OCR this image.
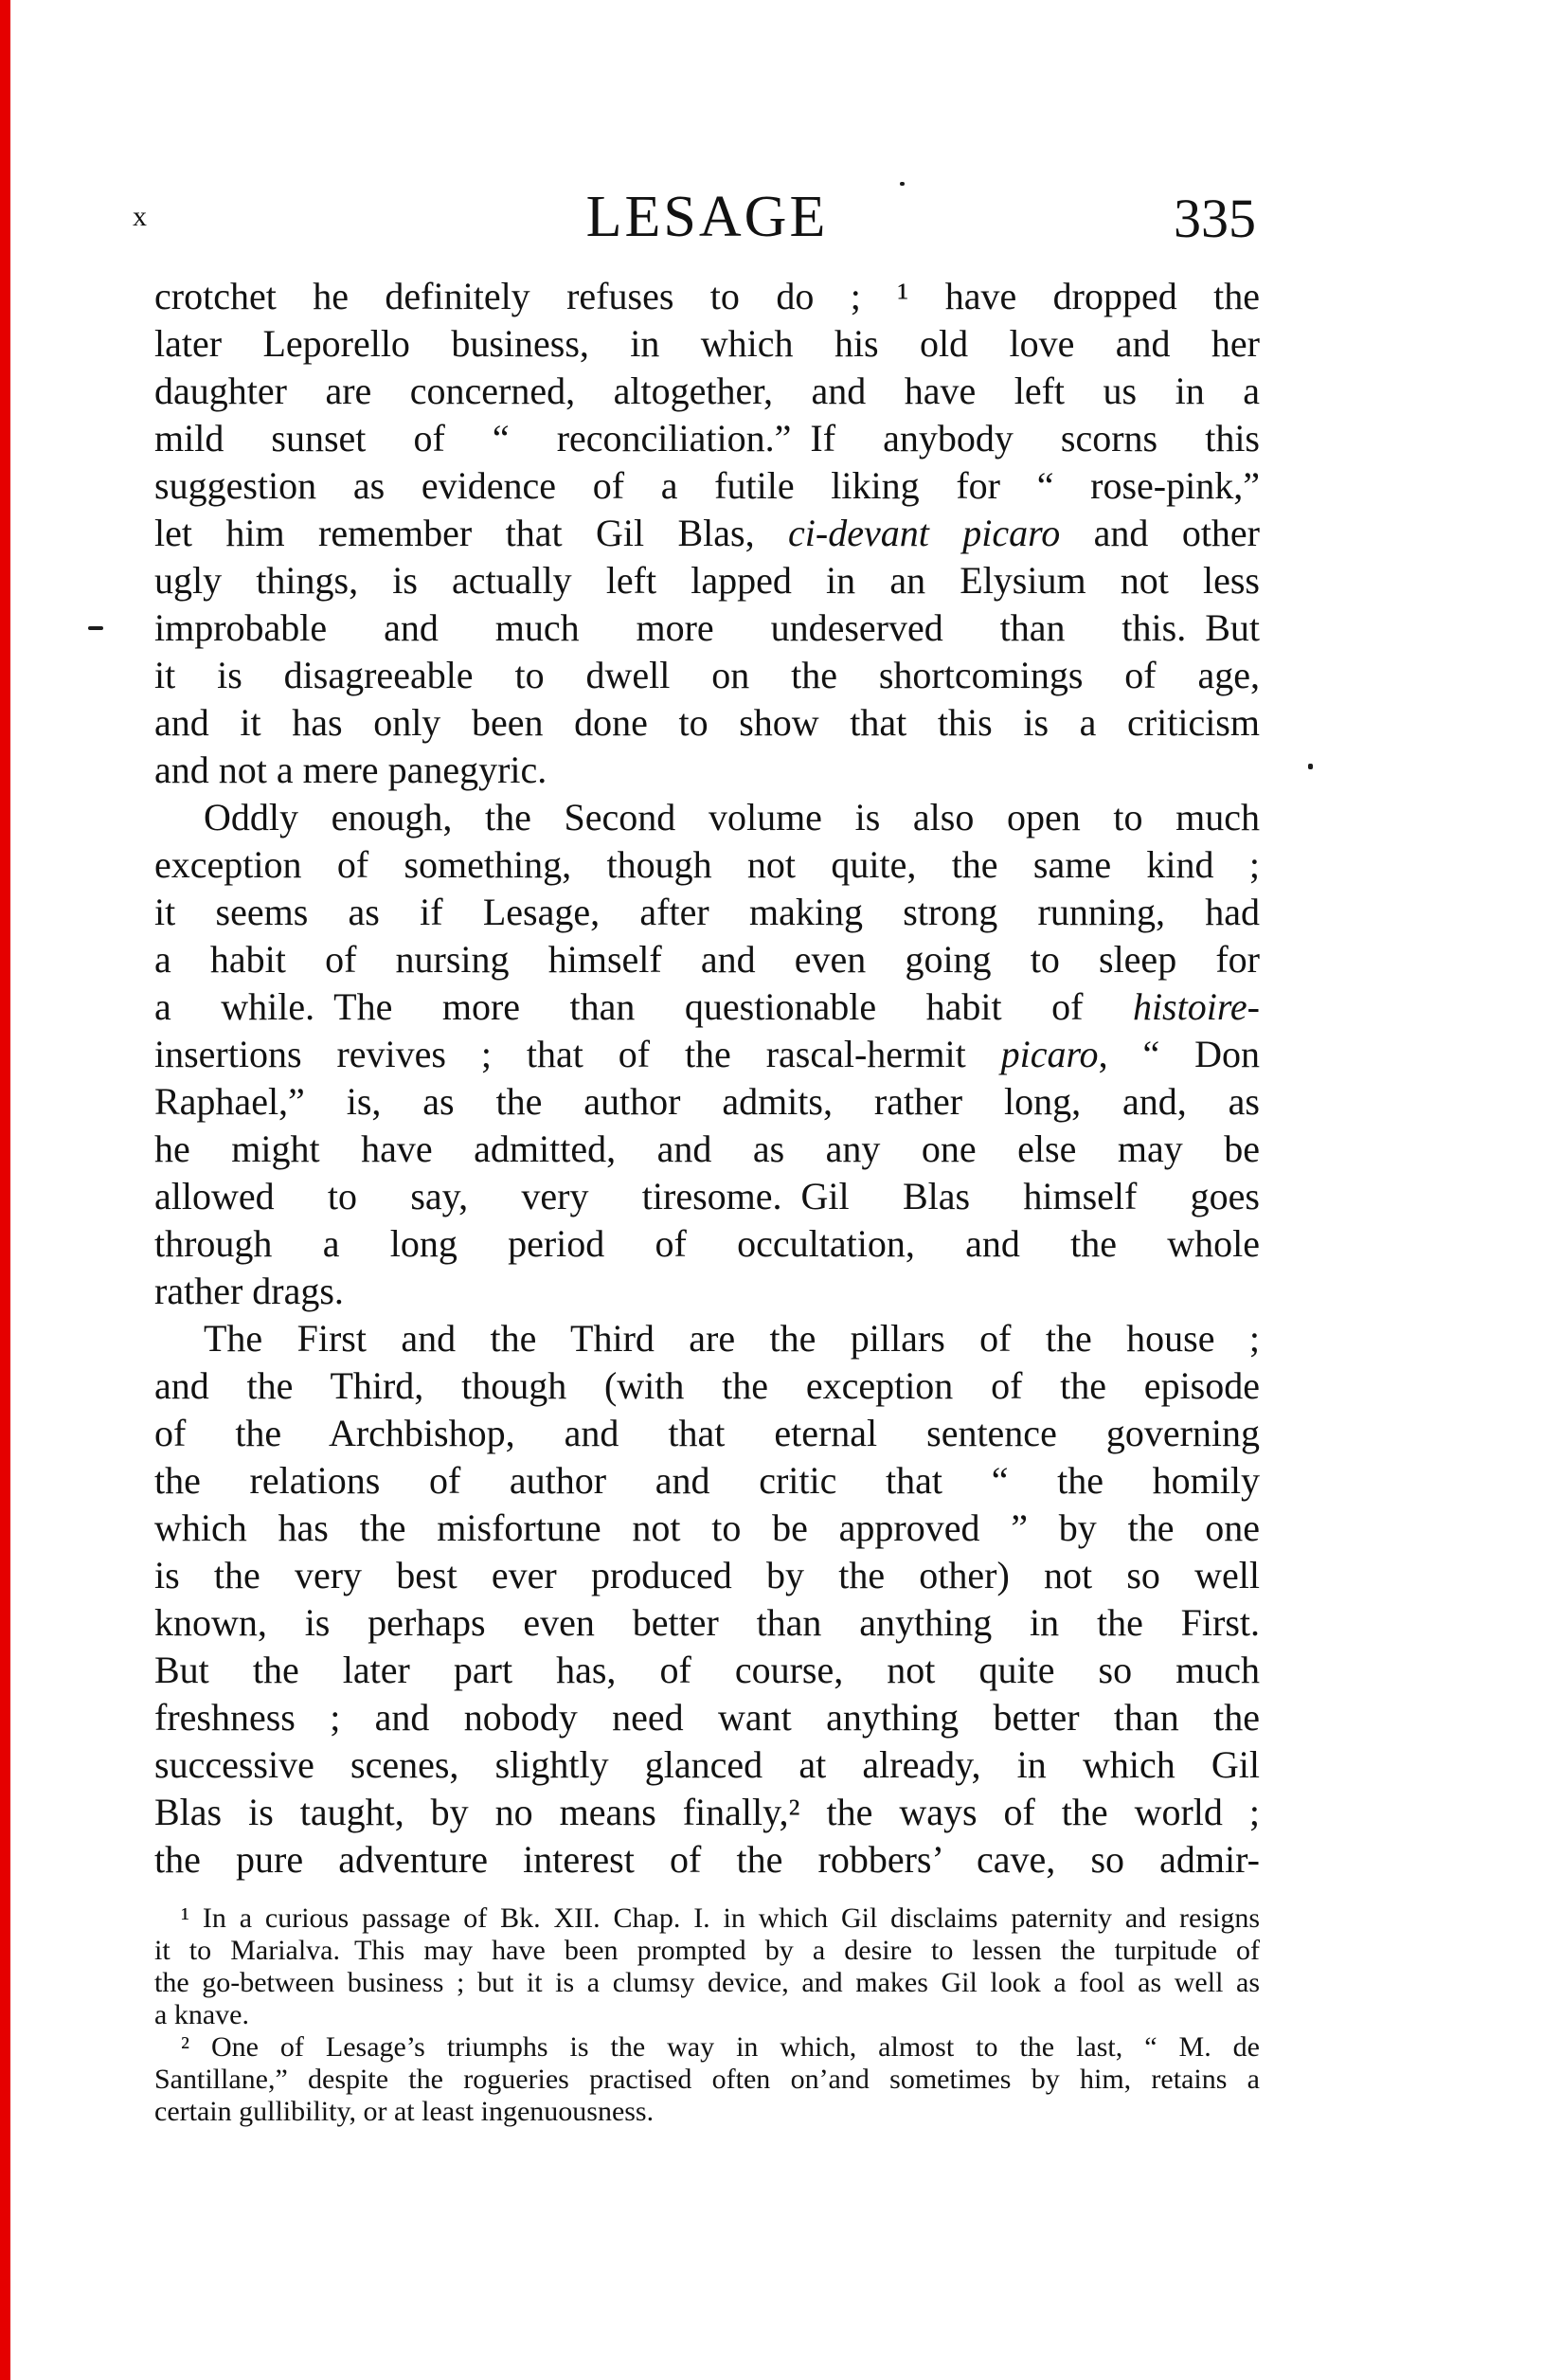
x	LESAGE	335
crotchet he definitely refuses to do ; ¹ have dropped the
later Leporello business, in which his old love and her
daughter are concerned, altogether, and have left us in a
mild sunset of “ reconciliation.” If anybody scorns this
suggestion as evidence of a futile liking for “ rose-pink,”
let him remember that Gil Blas, ci-devant picaro and other
ugly things, is actually left lapped in an Elysium not less
improbable and much more undeserved than this. But
it is disagreeable to dwell on the shortcomings of age,
and it has only been done to show that this is a criticism
and not a mere panegyric.
Oddly enough, the Second volume is also open to much
exception of something, though not quite, the same kind ;
it seems as if Lesage, after making strong running, had
a habit of nursing himself and even going to sleep for
a while. The more than questionable habit of histoire-
insertions revives ; that of the rascal-hermit picaro, “ Don
Raphael,” is, as the author admits, rather long, and, as
he might have admitted, and as any one else may be
allowed to say, very tiresome. Gil Blas himself goes
through a long period of occultation, and the whole
rather drags.
The First and the Third are the pillars of the house ;
and the Third, though (with the exception of the episode
of the Archbishop, and that eternal sentence governing
the relations of author and critic that “ the homily
which has the misfortune not to be approved ” by the one
is the very best ever produced by the other) not so well
known, is perhaps even better than anything in the First.
But the later part has, of course, not quite so much
freshness ; and nobody need want anything better than the
successive scenes, slightly glanced at already, in which Gil
Blas is taught, by no means finally,² the ways of the world ;
the pure adventure interest of the robbers’ cave, so admir-
¹ In a curious passage of Bk. XII. Chap. I. in which Gil disclaims paternity and resigns
it to Marialva. This may have been prompted by a desire to lessen the turpitude of
the go-between business ; but it is a clumsy device, and makes Gil look a fool as well as
a knave.
² One of Lesage’s triumphs is the way in which, almost to the last, “ M. de
Santillane,” despite the rogueries practised often on’and sometimes by him, retains a
certain gullibility, or at least ingenuousness.
